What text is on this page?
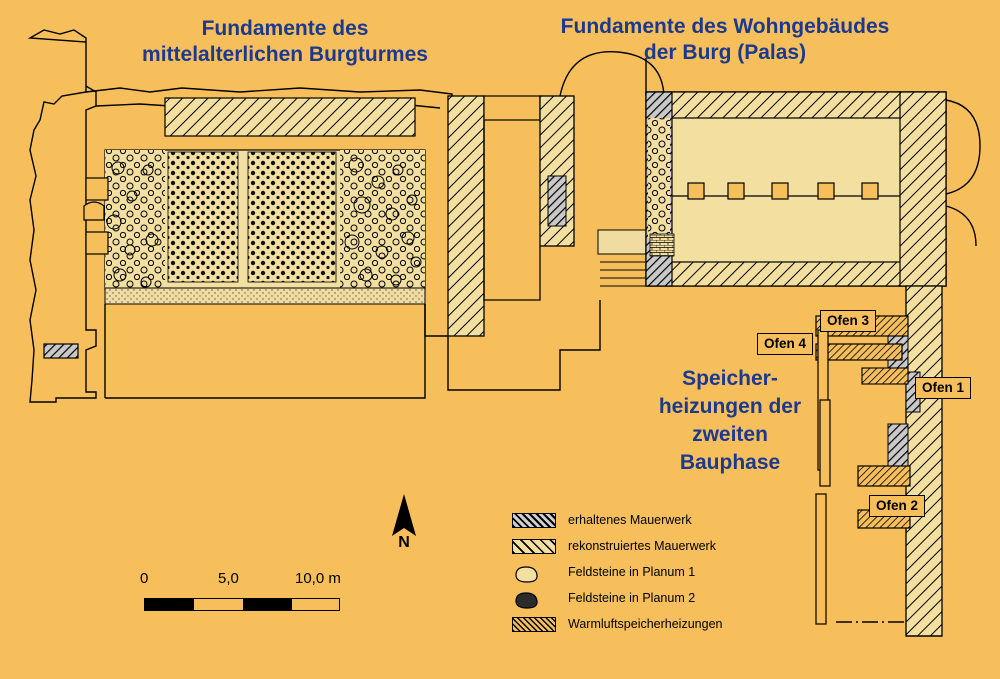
Fundamente des
mittelalterlichen Burgturmes
Fundamente des Wohngebäudes
der Burg (Palas)
Speicher-
heizungen der
zweiten
Bauphase
Ofen 3
Ofen 4
Ofen 1
Ofen 2
N
0	5,0	10,0 m
erhaltenes Mauerwerk
rekonstruiertes Mauerwerk
Feldsteine in Planum 1
Feldsteine in Planum 2
Warmluftspeicherheizungen
